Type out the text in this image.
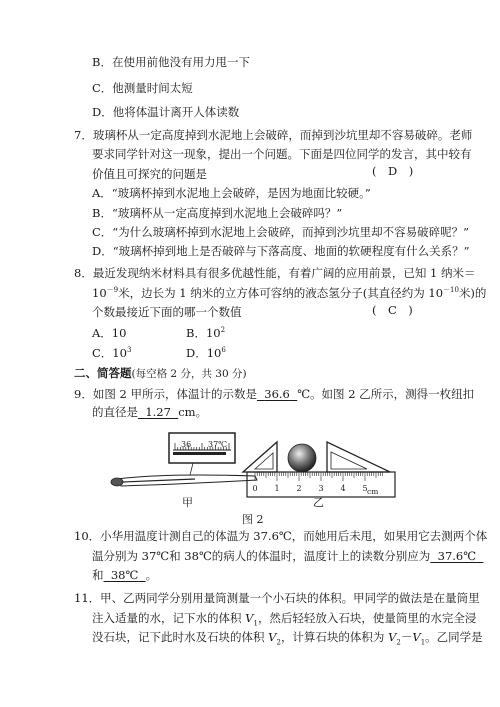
B．在使用前他没有用力甩一下
C．他测量时间太短
D．他将体温计离开人体读数
7．玻璃杯从一定高度掉到水泥地上会破碎，而掉到沙坑里却不容易破碎。老师
要求同学针对这一现象，提出一个问题。下面是四位同学的发言，其中较有
价值且可探究的问题是	(　D　)
A．“玻璃杯掉到水泥地上会破碎，是因为地面比较硬。”
B．“玻璃杯从一定高度掉到水泥地上会破碎吗？”
C．“为什么玻璃杯掉到水泥地上会破碎，而掉到沙坑里却不容易破碎呢？”
D．“玻璃杯掉到地上是否破碎与下落高度、地面的软硬程度有什么关系？”
8．最近发现纳米材料具有很多优越性能，有着广阔的应用前景，已知 1 纳米＝
$10^{-9}$米，边长为 1 纳米的立方体可容纳的液态氢分子(其直径约为 $10^{-10}$米)的
个数最接近下面的哪一个数值	(　C　)
A．10	B．$10^2$
C．$10^3$	D．$10^6$
二、简答题(每空格 2 分，共 30 分)
9．如图 2 甲所示，体温计的示数是 36.6 ℃。如图 2 乙所示，测得一枚纽扣
的直径是 1.27 cm。
36 37℃
0 1 2 3 4 5 cm
甲	乙
图 2
10．小华用温度计测自己的体温为 37.6℃，而她用后未甩，如果用它去测两个体
温分别为 37℃和 38℃的病人的体温时，温度计上的读数分别应为 37.6℃
和 38℃ 。
11．甲、乙两同学分别用量筒测量一个小石块的体积。甲同学的做法是在量筒里
注入适量的水，记下水的体积 $V_1$，然后轻轻放入石块，使量筒里的水完全浸
没石块，记下此时水及石块的体积 $V_2$，计算石块的体积为 $V_2-V_1$。乙同学是
